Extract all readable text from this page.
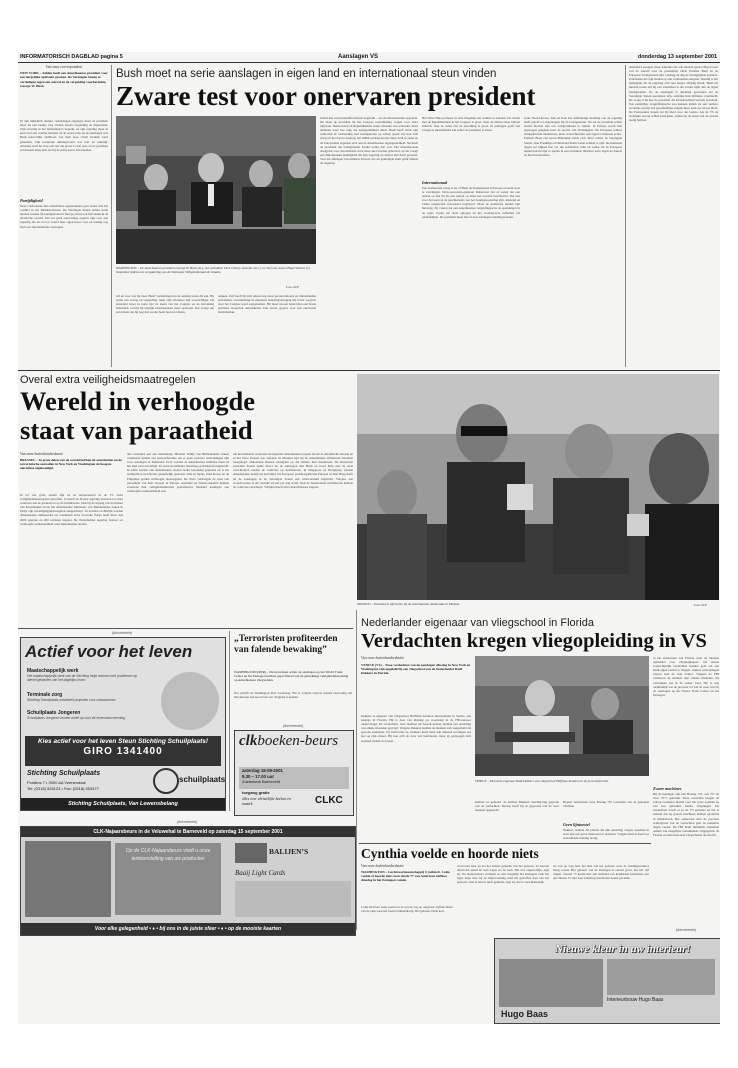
INFORMATORISCH DAGBLAD pagina 5	Aanslagen VS	donderdag 13 september 2001
Van onze correspondent
NEW YORK – Zelden heeft een Amerikaanse president voor een dergelijke opdracht gestaan. De Verenigde Staten te verdedigen tegen een aanval en de vergelding voorbereiden, George W. Bush.
Er zijn inmiddels talrijke verklaringen afgelegd, maar de president moet nu een lastige weg vinden tussen vergelding en diplomatie. Zijn ervaring in het buitenland is beperkt, en zijn regering moet in korte tijd een coalitie smeden. In de eerste uren na de aanslagen was Bush nauwelijks zichtbaar, wat hem door critici kwalijk werd genomen. Zijn toespraak dinsdagavond was kort en zakelijk. Amerika staat nu voor een test die groter is dan ooit, en de president zal moeten laten zien dat hij de juiste koers kan bepalen.
Partijdigheid
Deze confrontatie met onzichtbare tegenstanders gaat verder dan het conflict in het Midden-Oosten. De Verenigde Staten zullen steun moeten zoeken bij bondgenoten in Europa, maar ook bij landen in de Arabische wereld. Dat zal geen eenvoudige opgave zijn voor een regering die tot nu toe vooral haar eigen koers voer en weinig oog had voor internationale verdragen.
Bush moet na serie aanslagen in eigen land en internationaal steun vinden
Zware test voor onervaren president
WASHINGTON – De Amerikaanse president George W. Bush (m.), vice-president Dick Cheney (tweede van r.) en chef van staven Hugh Shelton (r.) bespreken tijdens een vergadering van de Nationale Veiligheidsraad de situatie.
Foto AFP
wil en voor wat hij doet. Bush' verklaringen na de aanslag tonen dit aan. Hij sprak van oorlog en vergelding, maar zijn adviseurs zijn voorzichtiger. De president moet in korte tijd de steun van het Congres en de bevolking behouden, terwijl hij tegelijk internationaal moet opereren. Dat vraagt om een balans die hij nog niet eerder heeft hoeven vinden.
denken. Zelf heeft hij zich alleen nog maar geconcentreerd op binnenlandse problemen, voornamelijk de massieve belastingverlaging die in het voorjaar door het Congres werd aangenomen. Hij moet nu een beleid met een brede politieke draagvlak ontwikkelen. Een zware opgave voor een onervaren bewindsman.
beleid met een kosteneffectiviteit wegdrukt – en om internationale oppositie. Nu moet de president bij het Congres toestemming vragen voor extra uitgaven. Democraten en Republikeinen staan schouder aan schouder, maar niemand weet hoe lang die eensgezindheid duurt. Bush heeft sinds zijn aantreden de verhouding met bondgenoten op scherp gezet: hij trok zich terug uit het Kyoto-verdrag, het ABM-verdrag kwam onder druk te staan en de Europeanen ergerden zich aan de Amerikaanse eigengereidheid. Nu heeft de president die bondgenoten harder nodig dan ooit. Het internationale draagvlak voor een militaire actie moet snel worden gebouwd, en dat vraagt een diplomatieke handigheid die zijn regering tot dusver niet heeft getoond. Veel zal afhangen van minister Powell, die als gematigde stem geldt binnen de regering.
Het Witte Huis probeert zo snel mogelijk een coalitie te smeden. De relatie met de Republikeinen in het Congres is goed, maar de Democraten blijven kritisch. Ook de steun van de bevolking is groot. In peilingen geeft een overgrote meerderheid aan achter de president te staan.
Internationaal
Een beslissende vraag is nu of Bush de bondgenoten in Europa en Azië weet te overtuigen. Navo-secretaris-generaal Robertson liet al weten dat een aanval op één lid als een aanval op allen kan worden beschouwd. Dat zou voor het eerst in de geschiedenis van het bondgenootschap zijn. Rusland en China reageerden verrassend begripvol. Maar de Arabische landen zijn huiverig. Zij vrezen dat een Amerikaanse vergeldingsactie de spanningen in de regio verder zal doen oplopen en het vredesproces definitief zal ondermijnen. De president moet met al deze belangen rekening houden.
zoals Noord-Korea, Irak en Iran. De zelfstandige houding van de regering heeft geleid tot ongenoegen bij de bondgenoten. Nu zal de president echter bereid moeten zijn om compromissen te sluiten. In Europa wordt met argusogen gekeken naar de reactie van Washington. De Europese leiders betuigden hun medeleven, maar waarschuwden ook tegen overhaaste acties. Premier Blair van Groot-Brittannië stelde zich direct achter de Verenigde Staten. Ook Frankrijk en Duitsland lieten weten solidair te zijn. De komende dagen zal blijken hoe ver die solidariteit reikt en welke rol de Europese landen bereid zijn te spelen in een eventuele militaire actie tegen de daders en hun beschermers.
Amerika's steegen, maar Amerika zal ook moeten gaan lobbyen naar wat de wereld voor de problemen vindt. Premier Blair en de Europese bondgenoten zijn vandaag de dag de belangrijkste partners. Problemen die zijn landen op alle continenten aangaan. Daarbij is het belangrijk dat de regering zich niet langer afzijdig houdt. Bush zal moeten tonen dat hij een staatsman is die verder kijkt dan de eigen landsgrenzen. Na de aanslagen is duidelijk geworden dat de Verenigde Staten kwetsbaar zijn, ondanks hun militaire overmacht. De vraag is nu hoe de president die kwetsbaarheid vertaalt in beleid. Een eenzijdige vergeldingsactie zou kunnen leiden tot een verdere escalatie, terwijl een gezamenlijke aanpak meer kans op succes biedt. De Europeanen hopen dat hij kiest voor dat laatste. Als de VS de dodelijke terreur willen bestrijden, zullen zij de steun van de wereld nodig hebben.
Overal extra veiligheidsmaatregelen
Wereld in verhoogde
staat van paraatheid
MOSKOU – Emotionele tafereelen bij de Amerikaanse ambassade in Moskou.	Foto AFP
Van onze buitenlandredactie
BRUSSEL – In grote delen van de wereld hebben de autoriteiten na de terroristische aanvallen in New York en Washington de hoogste alarmfase afgekondigd.
In tal van grote steden zijn na de terreuraanval in de VS extra veiligheidsmaatregelen getroffen. Zo heeft de Franse regering besloten tot extra controles aan de grenzen en op de luchthavens. Ook bij de ingang van de Kamer van Koophandel en bij het Amerikaanse ministerie van Buitenlandse Zaken in Parijs zijn beveiligingsmaatregelen aangescherpt. In Londen en Berlijn worden Amerikaanse ambassades en consulaten extra bewaakt. Parijs heeft meer dan 4000 agenten en 400 soldaten ingezet. De Nederlandse regering besloot tot verhoogde waakzaamheid rond Amerikaanse doelen.
den verstuurd aan een bemanning. Minister Schily van Binnenlandse Zaken verklaarde tijdens een persconferentie dat er geen concrete aanwijzingen zijn voor aanslagen in Duitsland. Toch worden de Amerikaanse militaire bases in het land extra beveiligd. Zo werd de militaire bezetting op Ramstein uitgebreid. In Italië werden alle Amerikaanse doelen onder bewaking geplaatst en is het luchtruim boven Rome gedeeltelijk gesloten. Ook in Japan, Zuid-Korea en de Filipijnen gelden verhoogde maatregelen. De Navo verhoogde de staat van paraatheid van haar troepen in Europa. Australië en Nieuw-Zeeland hebben eveneens hun veiligheidsdiensten gealarmeerd. Rusland kondigde een verhoogde waakzaamheid aan.
die het komende week met strategische Amerikaanse troepen boven de Atlantische Oceaan en in het Verre Oosten zou oefenen. In Moskou zijn bij de Amerikaanse ambassade bloemen neergelegd. Duizenden Russen betuigden op die manier hun medeleven. De Russische president Poetin belde direct na de aanslagen met Bush en bood hulp aan. In Azië verscherpten landen de controles op luchthavens. In Singapore en Hongkong werden Amerikaanse bedrijven beveiligd. De Europese politieorganisatie Europol in Den Haag heeft na de aanslagen in de Verenigde Staten een crisiscentrum ingericht. Volgens een woordvoerder is dit centrum 24 uur per dag actief. Ook de Nederlandse luchthavens hebben de controles verscherpt. Schiphol heeft extra marechaussee ingezet.
(Advertentie)
Actief voor het leven
Maatschappelijk werk
Het maatschappelijk werk van de Stichting helpt mensen met problemen op allerlei gebieden van het dagelijks leven.
Terminale zorg
Stichting Schuilplaats ontwikkelt projecten voor volwassenen.
Schuilplaats Jongeren
Schuilplaats Jongeren komen actief op voor de levensbescherming.
Kies actief voor het leven Steun Stichting Schuilplaats!
GIRO 1341400
Stichting Schuilplaats
Postbus 7 • 3900 AA Veenendaal
Tel: (0318) 526123 • Fax: (0318) 553477
schuilplaats
Stichting Schuilplaats, Van Lewensbelang
„Terroristen profiteerden van falende bewaking”
WASHINGTON (RTR) – De terroristen achter de aanslagen op het World Trade Center en het Pentagon hebben geprofiteerd van de gebrekkige veiligheidsbewaking op Amerikaanse vliegvelden.
Dat schrijft de Washington Post woensdag. Het is volgens experts relatief eenvoudig om met messen aan boord van een vliegtuig te komen.
(Advertentie)
clkboeken-beurs
zaterdag 15-09-2001
9.30 – 17.00 uur
Zuiderkerk Barneveld
toegang gratis
alles over christelijke boeken en muziek	CLKC
Nederlander eigenaar van vliegschool in Florida
Verdachten kregen vliegopleiding in VS
Van onze buitenlandredactie
VENICE (VS) – Twee verdachten van de aanslagen dinsdag in New York en Washington zijn opgeleid bij een vliegschool van de Nederlander Rudi Dekkers in Florida.
Dekkers is eigenaar van vliegschool Huffman Aviation International in Venice, een plaatsje in Florida. Hij is daar van dinsdag op woensdag in de FBI-kantoor ondervraagd. De verdachten, twee mannen uit Saoedi-Arabië, hadden een opleiding van enkele maanden gevolgd. Volgens Dekkers hadden de mannen zich aangemeld als gewone studenten. Zij vielen niet op. Dekkers heeft meer dan duizend leerlingen per jaar op zijn school. Hij kon zich de twee wel herinneren, maar zij gedroegen zich normaal tijdens de lessen.
VENICE – Directeur-eigenaar Rudi Dekkers van vliegschool Huffman Aviation in de persconferentie.
hebben we gehoord. Ze hebben Dekkers' beschrijving gegeven van de verdachten. Daarop heeft hij de gegevens van de twee mannen opgezocht.
Boston verdwijnen twee Boeing 767 toestellen van de gekaapte vluchten.
Geen lijntoestel
Dekkers ontkent dat piloten die zijn opleiding volgen, daarmee in staat zijn een groot lijntoestel te besturen. Volgens hem is daarvoor aanvullende training nodig.
in het zuidoosten van Florida waar zij meenen opleidden voor vliegtuigkapers. De laatste waarschijnlijk verdachten hadden geld om een klein eigen toestel te vliegen. Andere aanwijzingen wijzen naar de stad Venice. Volgens de FBI verbleven de mannen daar enkele maanden. Zij vertrokken pas in de zomer weer. Het is nog onduidelijk wat de precieze rol van de twee was bij de aanslagen op het World Trade Center en het Pentagon.
Zware machines
Bij de kapingen zijn een Boeing 747, een 757 en twee 767's gebruikt. Deze toestellen kregen de school tweemaal maand voor het grote examen op van een gebruikte kleine vliegtuigen. De verdachten wordt er in de VS gebruikt en het is bekend dat zij grotere machines hebben geoefend in simulatoren. Het onderzoek naar de precieze achtergrond van de verdachten gaat de komende dagen verder. De FBI heeft inmiddels tientallen namen van mogelijke betrokkenen vrijgegeven. In Florida worden meerdere vliegscholen doorzocht.
Cynthia voelde en hoorde niets
Van onze buitenlandredactie
WASHINGTON – Luchtvaartmaatschappij Cynthia R. Colin voelde of hoorde niets toen vlucht 77 van American Airlines dinsdag in het Pentagon ramde.
Colin had haar baan waarvoor ze woont, lag op ongeveer vijftien meter van de plek waar het toestel binnendrong. Het gebouw trilde kort.
werd naar haar en zei het andere gedeelte van het gebouw. Ze hoorde alleen het alarm en toen zagen we de rook. Het was ongelooflijk, zegt zij. De medewerkers verlieten zo snel mogelijk het Pentagon. Ook het leger helpt mee bij de hulpverlening rond het getroffen deel van het gebouw. Ook al had ze niets gemerkt, zegt zij, het is verschrikkelijk.
Ze was op weg naar het deel van het gebouw waar de reddingswerkers bezig waren. Het gebouw van de Pentagon is enorm groot, het telt vijf ringen. Toestel 77 kwam met een snelheid van honderden kilometers per uur binnen. Er zijn naar schatting honderden doden gevallen.
(Advertentie)
CLK-Najaarsbeurs in de Veluwehal te Barneveld op zaterdag 15 september 2001
Op de CLK-Najaarsbeurs vindt u onze tentoonstelling van uw producten
BALIJEN’S
Baaij Light Cards
Voor elke gelegenheid • ♦ • bij ons in de juiste sfeer • ♦ • op de mooiste kaarten	(Advertentie)
Nieuwe kleur in uw interieur!
Interieurbouw Hugo Baas
Hugo Baas
